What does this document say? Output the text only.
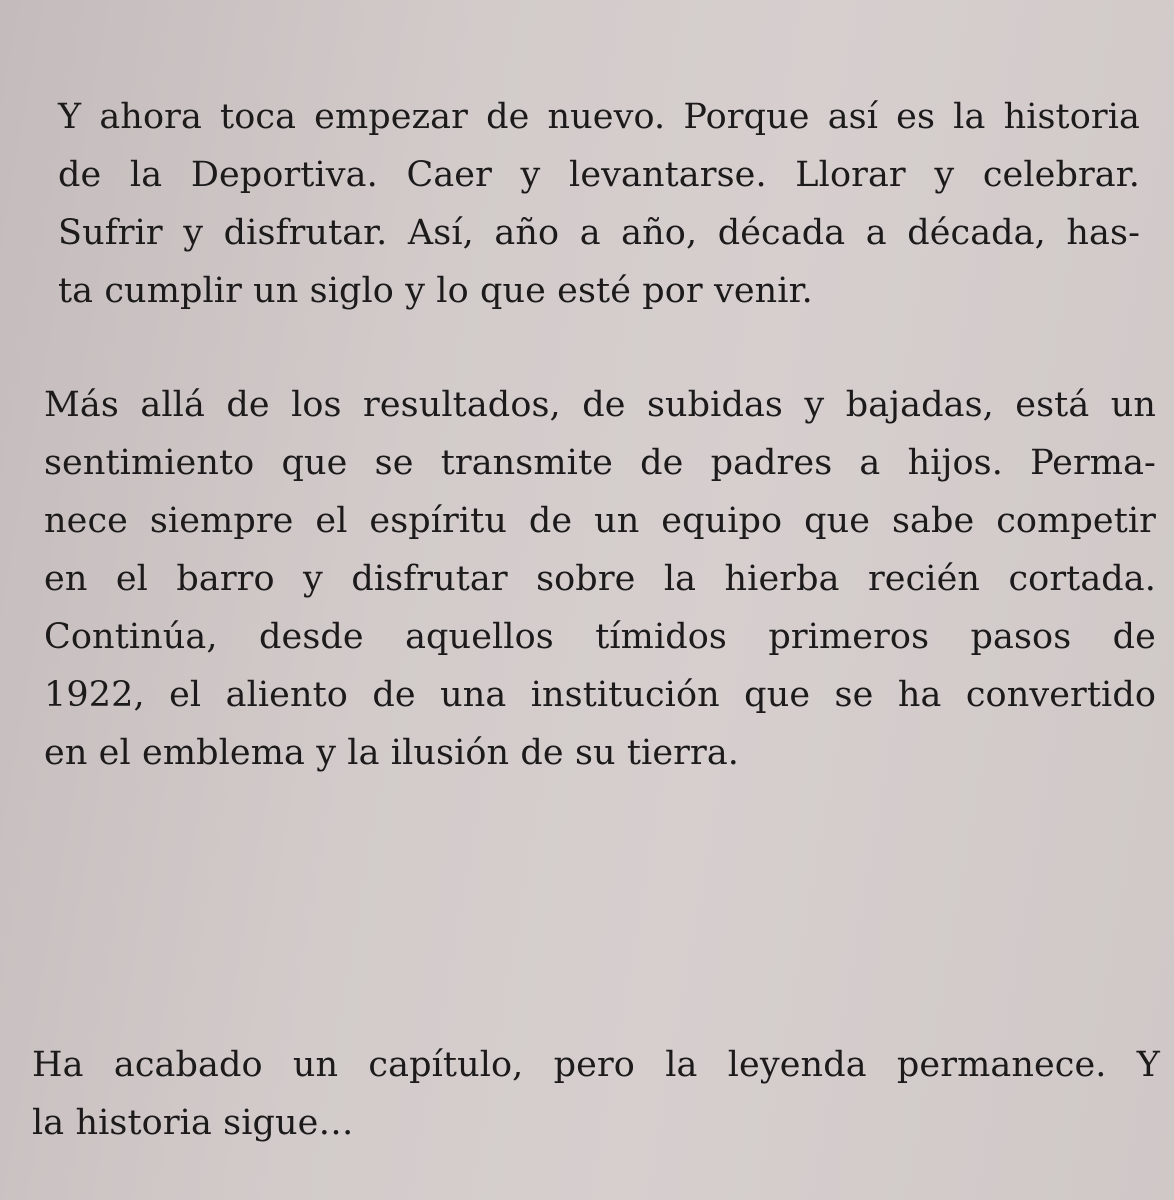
Y ahora toca empezar de nuevo. Porque así es la historia
de la Deportiva. Caer y levantarse. Llorar y celebrar.
Sufrir y disfrutar. Así, año a año, década a década, has-
ta cumplir un siglo y lo que esté por venir.

Más allá de los resultados, de subidas y bajadas, está un
sentimiento que se transmite de padres a hijos. Perma-
nece siempre el espíritu de un equipo que sabe competir
en el barro y disfrutar sobre la hierba recién cortada.
Continúa, desde aquellos tímidos primeros pasos de
1922, el aliento de una institución que se ha convertido
en el emblema y la ilusión de su tierra.

Ha acabado un capítulo, pero la leyenda permanece. Y
la historia sigue…
